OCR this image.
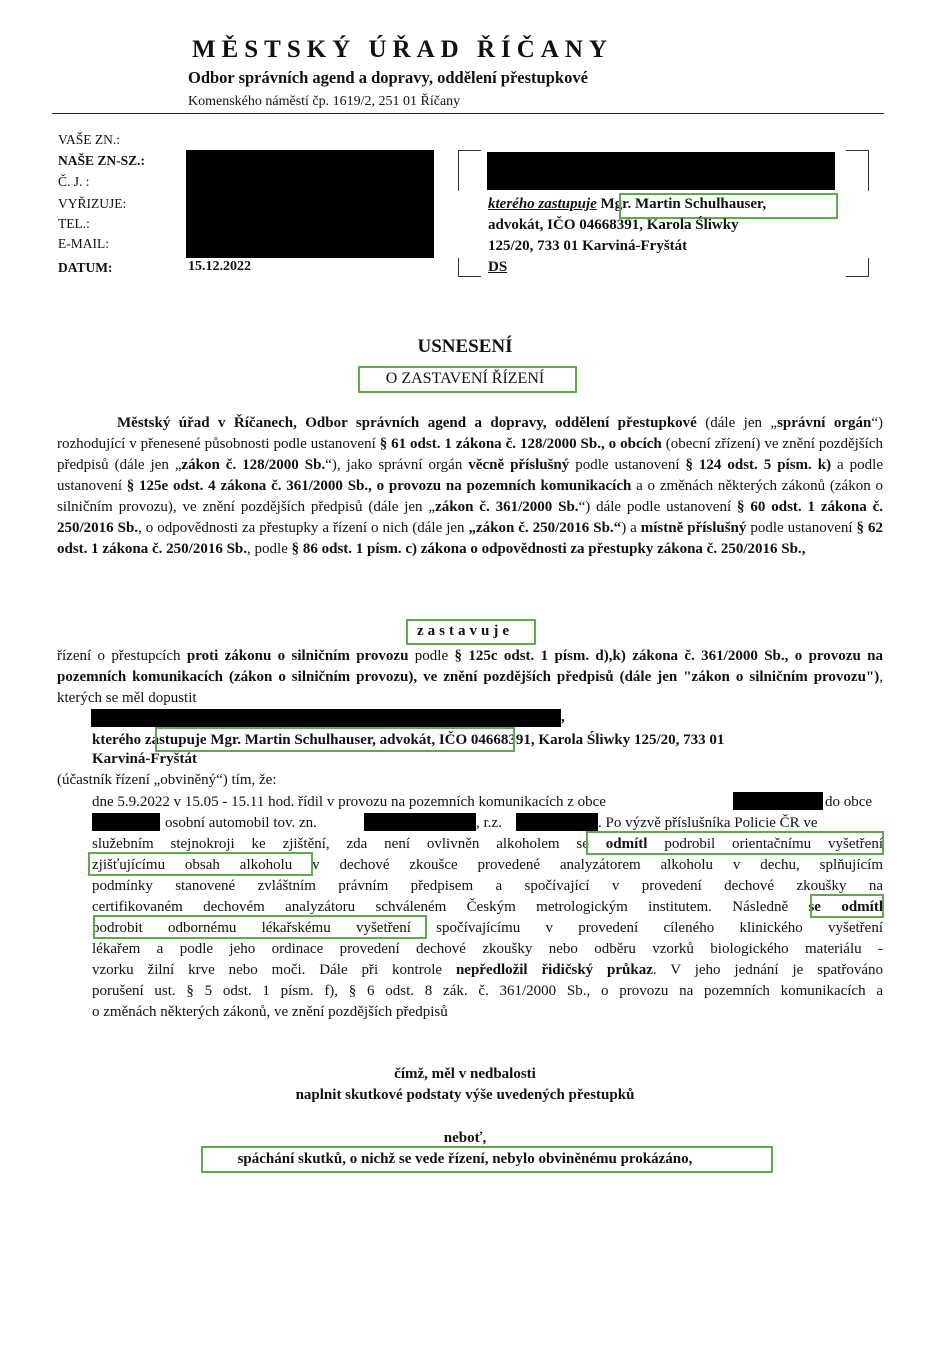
MĚSTSKÝ ÚŘAD ŘÍČANY
Odbor správních agend a dopravy, oddělení přestupkové
Komenského náměstí čp. 1619/2, 251 01 Říčany
VAŠE ZN.:
NAŠE ZN-SZ.:
Č. J. :
VYŘIZUJE:
TEL.:
E-MAIL:
DATUM:	15.12.2022
kterého zastupuje Mgr. Martin Schulhauser,
advokát, IČO 04668391, Karola Śliwky
125/20, 733 01 Karviná-Fryštát
DS
USNESENÍ
O ZASTAVENÍ ŘÍZENÍ
Městský úřad v Říčanech, Odbor správních agend a dopravy, oddělení přestupkové (dále jen „správní orgán“) rozhodující v přenesené působnosti podle ustanovení § 61 odst. 1 zákona č. 128/2000 Sb., o obcích (obecní zřízení) ve znění pozdějších předpisů (dále jen „zákon č. 128/2000 Sb.“), jako správní orgán věcně příslušný podle ustanovení § 124 odst. 5 písm. k) a podle ustanovení § 125e odst. 4 zákona č. 361/2000 Sb., o provozu na pozemních komunikacích a o změnách některých zákonů (zákon o silničním provozu), ve znění pozdějších předpisů (dále jen „zákon č. 361/2000 Sb.“) dále podle ustanovení § 60 odst. 1 zákona č. 250/2016 Sb., o odpovědnosti za přestupky a řízení o nich (dále jen „zákon č. 250/2016 Sb.“) a místně příslušný podle ustanovení § 62 odst. 1 zákona č. 250/2016 Sb., podle § 86 odst. 1 písm. c) zákona o odpovědnosti za přestupky zákona č. 250/2016 Sb.,
zastavuje
řízení o přestupcích proti zákonu o silničním provozu podle § 125c odst. 1 písm. d),k) zákona č. 361/2000 Sb., o provozu na pozemních komunikacích (zákon o silničním provozu), ve znění pozdějších předpisů (dále jen "zákon o silničním provozu"), kterých se měl dopustit
,
kterého zastupuje Mgr. Martin Schulhauser, advokát, IČO 04668391, Karola Śliwky 125/20, 733 01
Karviná-Fryštát
(účastník řízení „obviněný“) tím, že:
dne 5.9.2022 v 15.05 - 15.11 hod. řídil v provozu na pozemních komunikacích z obce	do obce
osobní automobil tov. zn.	, r.z.	. Po výzvě příslušníka Policie ČR ve
služebním stejnokroji ke zjištění, zda není ovlivněn alkoholem se odmítl podrobil orientačnímu vyšetření
zjišťujícímu obsah alkoholu v dechové zkoušce provedené analyzátorem alkoholu v dechu, splňujícím
podmínky stanovené zvláštním právním předpisem a spočívající v provedení dechové zkoušky na
certifikovaném dechovém analyzátoru schváleném Českým metrologickým institutem. Následně se odmítl
podrobit odbornému lékařskému vyšetření spočívajícímu v provedení cíleného klinického vyšetření
lékařem a podle jeho ordinace provedení dechové zkoušky nebo odběru vzorků biologického materiálu -
vzorku žilní krve nebo moči. Dále při kontrole nepředložil řidičský průkaz. V jeho jednání je spatřováno
porušení ust. § 5 odst. 1 písm. f), § 6 odst. 8 zák. č. 361/2000 Sb., o provozu na pozemních komunikacích a
o změnách některých zákonů, ve znění pozdějších předpisů
čímž, měl v nedbalosti
naplnit skutkové podstaty výše uvedených přestupků
neboť,
spáchání skutků, o nichž se vede řízení, nebylo obviněnému prokázáno,
